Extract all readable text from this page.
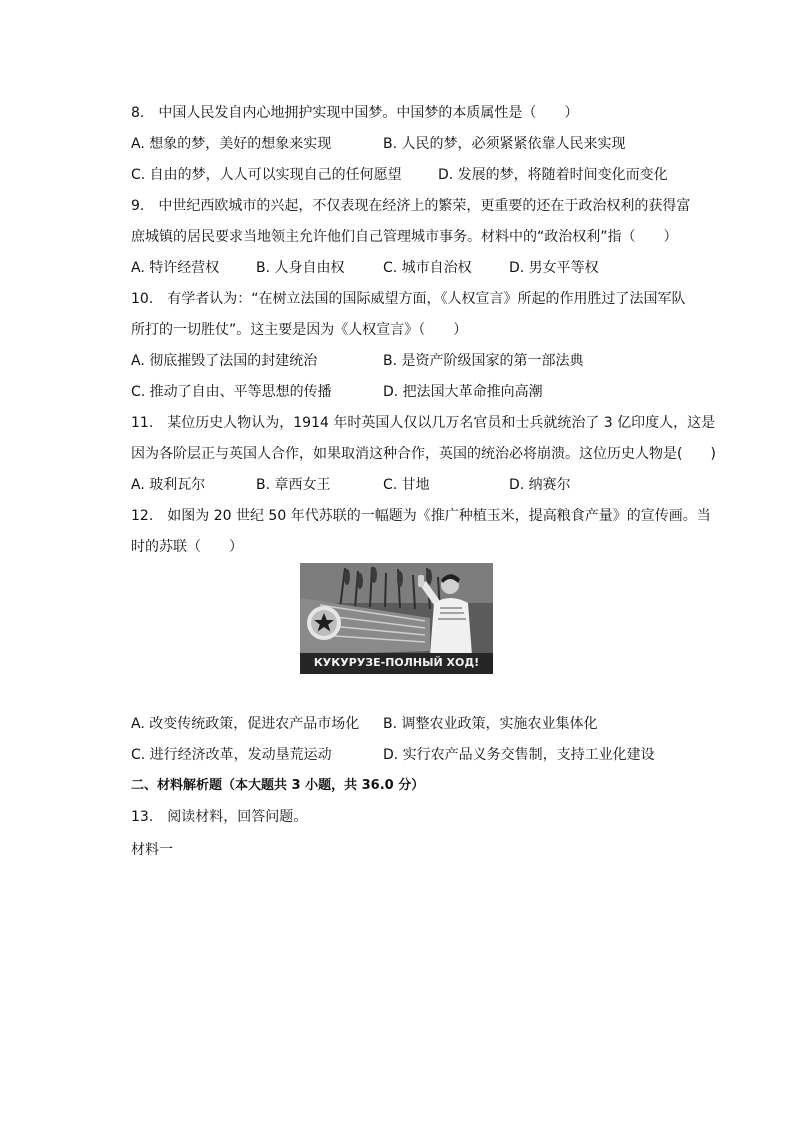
8.　中国人民发自内心地拥护实现中国梦。中国梦的本质属性是（　　）
A. 想象的梦，美好的想象来实现	B. 人民的梦，必须紧紧依靠人民来实现
C. 自由的梦，人人可以实现自己的任何愿望	D. 发展的梦，将随着时间变化而变化
9.　中世纪西欧城市的兴起，不仅表现在经济上的繁荣，更重要的还在于政治权利的获得富
庶城镇的居民要求当地领主允许他们自己管理城市事务。材料中的“政治权利”指（　　）
A. 特许经营权	B. 人身自由权	C. 城市自治权	D. 男女平等权
10.　有学者认为：“在树立法国的国际威望方面，《人权宣言》所起的作用胜过了法国军队
所打的一切胜仗”。这主要是因为《人权宣言》（　　）
A. 彻底摧毁了法国的封建统治	B. 是资产阶级国家的第一部法典
C. 推动了自由、平等思想的传播	D. 把法国大革命推向高潮
11.　某位历史人物认为，1914 年时英国人仅以几万名官员和士兵就统治了 3 亿印度人，这是
因为各阶层正与英国人合作，如果取消这种合作，英国的统治必将崩溃。这位历史人物是(　　)
A. 玻利瓦尔	B. 章西女王	C. 甘地	D. 纳赛尔
12.　如图为 20 世纪 50 年代苏联的一幅题为《推广种植玉米，提高粮食产量》的宣传画。当
时的苏联（　　）
КУКУРУЗЕ-ПОЛНЫЙ ХОД!
A. 改变传统政策，促进农产品市场化 B. 调整农业政策，实施农业集体化
C. 进行经济改革，发动垦荒运动	D. 实行农产品义务交售制，支持工业化建设
二、材料解析题（本大题共 3 小题，共 36.0 分）
13.　阅读材料，回答问题。
材料一
